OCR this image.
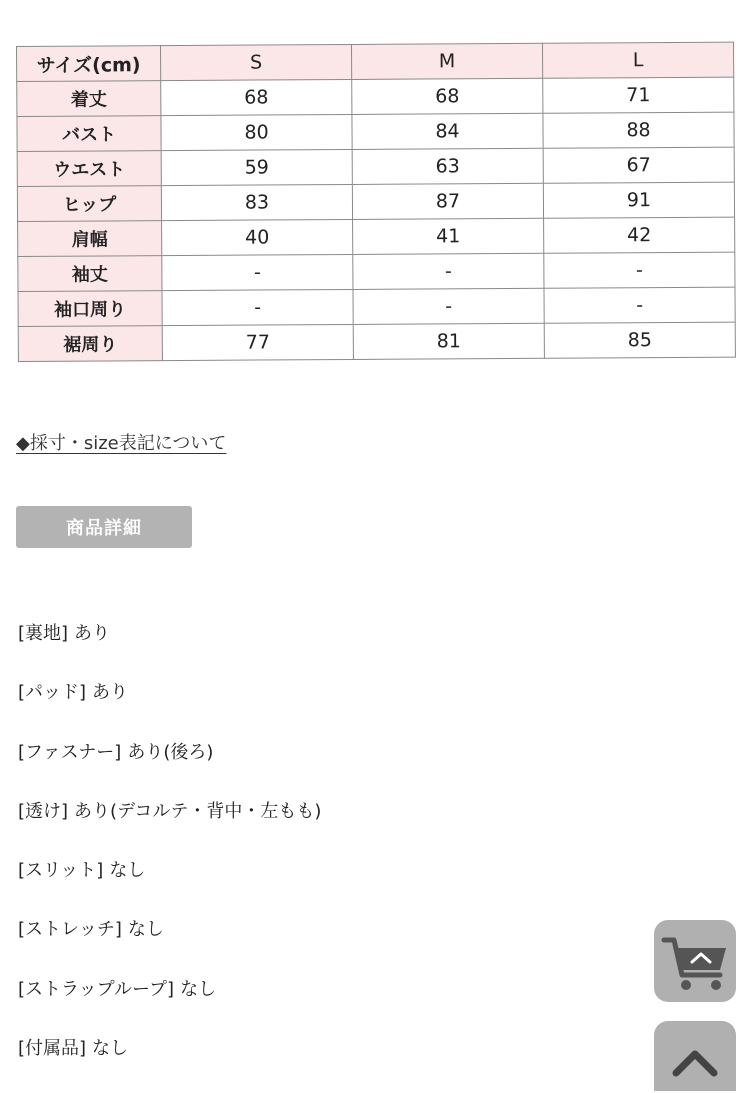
サイズ(cm)	S	M	L
着丈	68	68	71
バスト	80	84	88
ウエスト	59	63	67
ヒップ	83	87	91
肩幅	40	41	42
袖丈	-	-	-
袖口周り	-	-	-
裾周り	77	81	85
◆採寸・size表記について
商品詳細
[裏地] あり
[パッド] あり
[ファスナー] あり(後ろ)
[透け] あり(デコルテ・背中・左もも)
[スリット] なし
[ストレッチ] なし
[ストラップループ] なし
[付属品] なし
